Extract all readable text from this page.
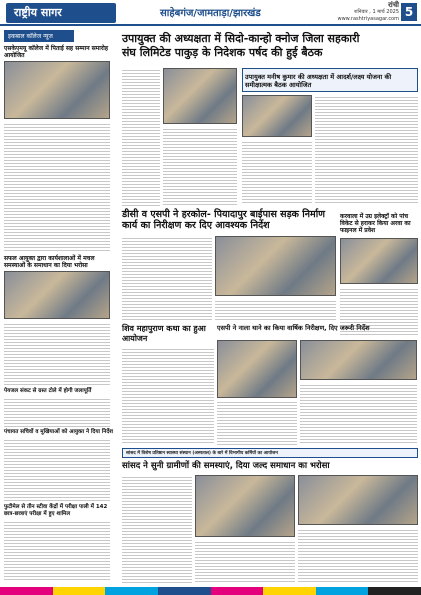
राष्ट्रीय सागर	साहेबगंज/जामताड़ा/झारखंड
रांची
शनिवार , 1 मार्च 2025
www.rashtriyasagar.com 5
इकबाल कॉलेज न्यूज
एसकेएमयू कॉलेज में पिताई सह सम्मान समारोह आयोजित
सफल आयुक्त द्वारा कार्यशालाओं में मचल समस्याओं के समाधान का दिया भरोसा
पेयजल संकट से ग्रस्त टोले में होगी जलापूर्ति
पंचायत सचिवों व मुखियाओं को आयुक्त ने दिया निर्देश
फुटीमेल से तीन स्टीवा केंद्रों में परीक्षा पाली में 142 छात्र-छात्राएं परीक्षा में हुए शामिल
उपायुक्त की अध्यक्षता में सिदो-कान्हो क्नोज जिला सहकारी
संघ लिमिटेड पाकुड़ के निदेशक पर्षद की हुई बैठक
उपायुक्त मनीष कुमार की अध्यक्षता में आदर्श/लक्ष्य योजना की समीक्षात्मक बैठक आयोजित
डीसी व एसपी ने हरकोल- पियादापुर बाईपास सड़क निर्माण कार्य का निरीक्षण कर दिए आवश्यक निर्देश
करवाला में उग्र इलेक्ट्रॉ को पांच विकेट से हराकर किया अरवा का फाइनल में प्रवेश
शिव महापुराण कथा का हुआ आयोजन
एसपी ने नाला थाने का किया वार्षिक निरीक्षण, दिए जरूरी निर्देश
सांसद में विशेष प्रतिष्ठान स्वास्थ्य संस्थान (अस्पताल) के बारे में विभागीय कर्मियों का आयोजन
सांसद ने सुनी ग्रामीणों की समस्याएं, दिया जल्द समाधान का भरोसा
